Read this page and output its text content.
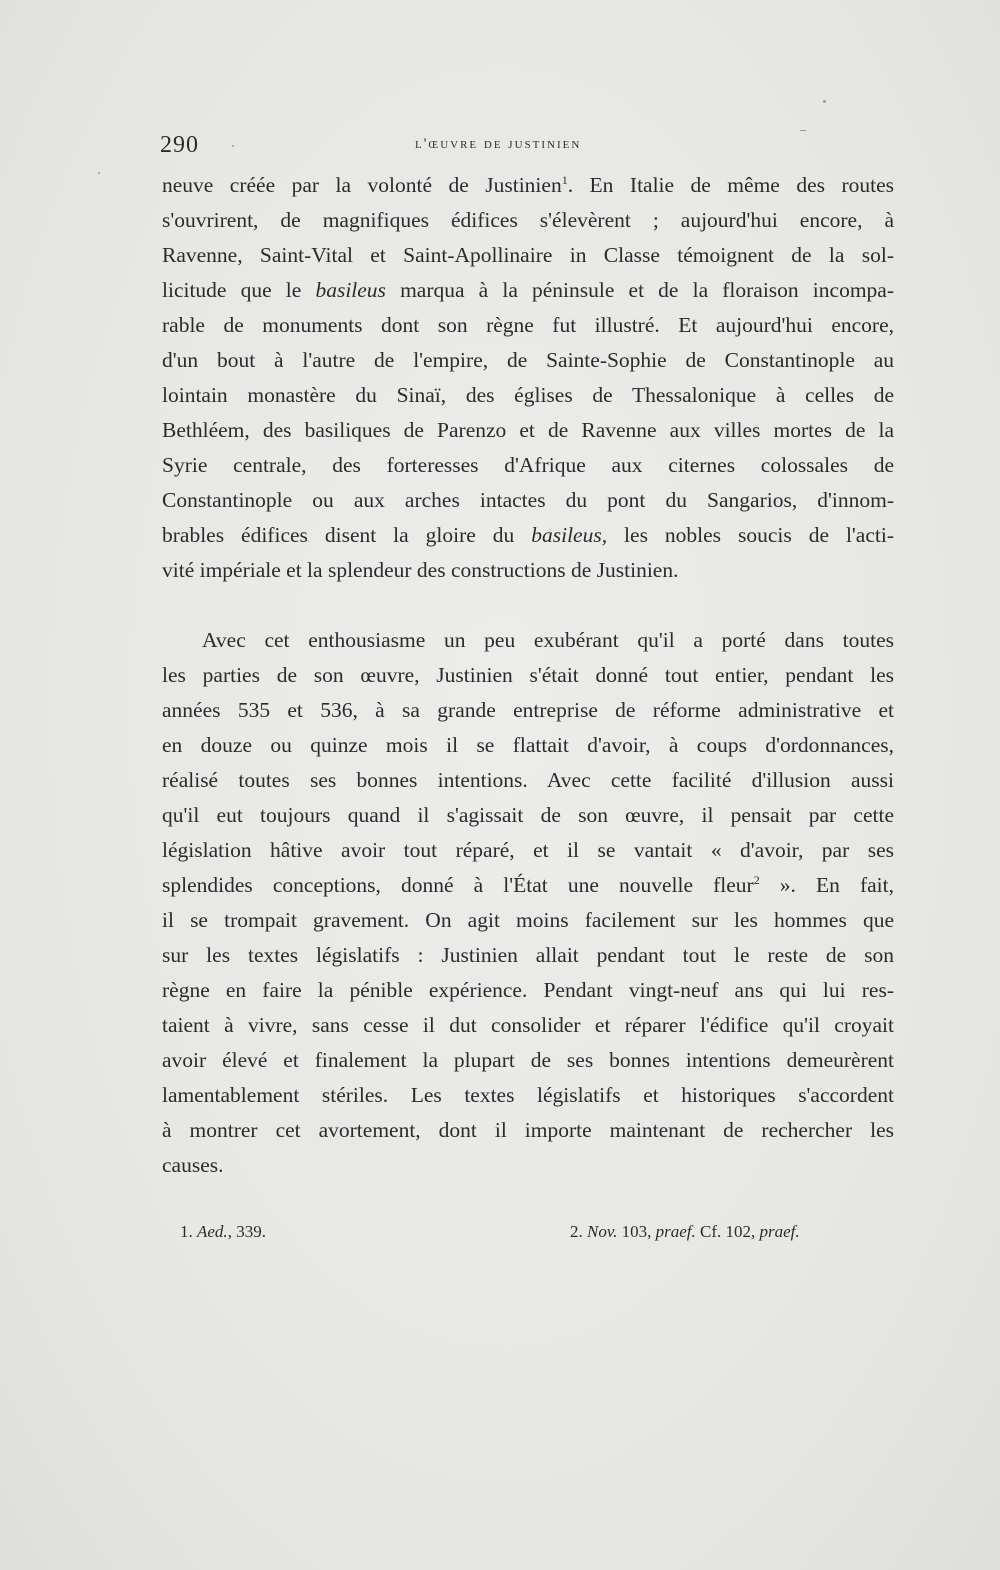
290	l'œuvre de justinien

neuve créée par la volonté de Justinien$^1$. En Italie de même des routes
s'ouvrirent, de magnifiques édifices s'élevèrent ; aujourd'hui encore, à
Ravenne, Saint-Vital et Saint-Apollinaire in Classe témoignent de la sol-
licitude que le basileus marqua à la péninsule et de la floraison incompa-
rable de monuments dont son règne fut illustré. Et aujourd'hui encore,
d'un bout à l'autre de l'empire, de Sainte-Sophie de Constantinople au
lointain monastère du Sinaï, des églises de Thessalonique à celles de
Bethléem, des basiliques de Parenzo et de Ravenne aux villes mortes de la
Syrie centrale, des forteresses d'Afrique aux citernes colossales de
Constantinople ou aux arches intactes du pont du Sangarios, d'innom-
brables édifices disent la gloire du basileus, les nobles soucis de l'acti-
vité impériale et la splendeur des constructions de Justinien.

Avec cet enthousiasme un peu exubérant qu'il a porté dans toutes
les parties de son œuvre, Justinien s'était donné tout entier, pendant les
années 535 et 536, à sa grande entreprise de réforme administrative et
en douze ou quinze mois il se flattait d'avoir, à coups d'ordonnances,
réalisé toutes ses bonnes intentions. Avec cette facilité d'illusion aussi
qu'il eut toujours quand il s'agissait de son œuvre, il pensait par cette
législation hâtive avoir tout réparé, et il se vantait « d'avoir, par ses
splendides conceptions, donné à l'État une nouvelle fleur$^2$ ». En fait,
il se trompait gravement. On agit moins facilement sur les hommes que
sur les textes législatifs : Justinien allait pendant tout le reste de son
règne en faire la pénible expérience. Pendant vingt-neuf ans qui lui res-
taient à vivre, sans cesse il dut consolider et réparer l'édifice qu'il croyait
avoir élevé et finalement la plupart de ses bonnes intentions demeurèrent
lamentablement stériles. Les textes législatifs et historiques s'accordent
à montrer cet avortement, dont il importe maintenant de rechercher les
causes.

1. Aed., 339.	2. Nov. 103, praef. Cf. 102, praef.
